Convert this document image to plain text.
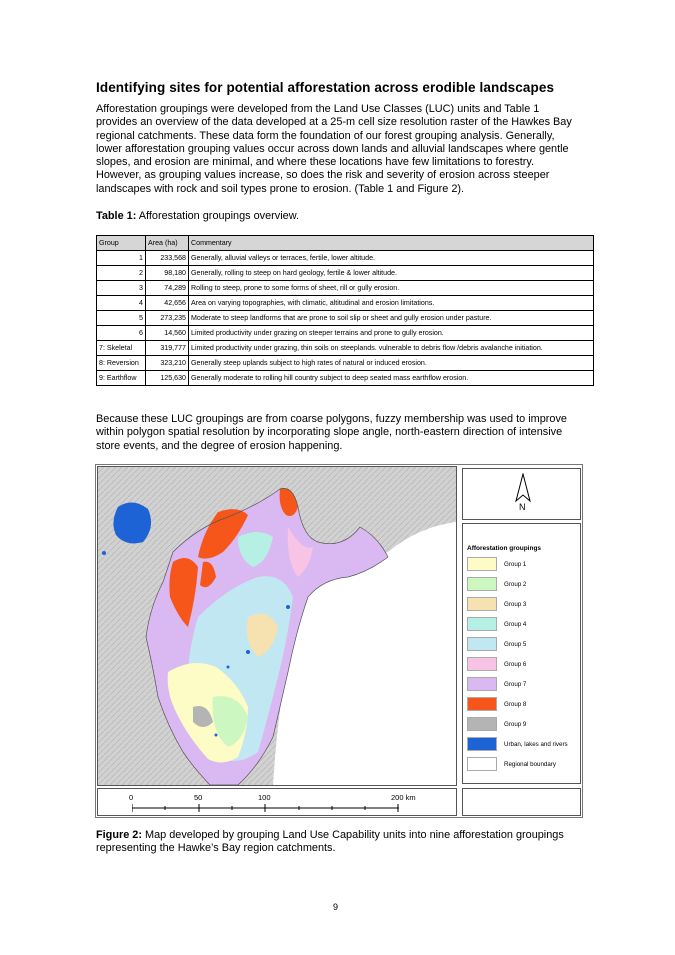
Identifying sites for potential afforestation across erodible landscapes
Afforestation groupings were developed from the Land Use Classes (LUC) units and Table 1
provides an overview of the data developed at a 25-m cell size resolution raster of the Hawkes Bay
regional catchments. These data form the foundation of our forest grouping analysis. Generally,
lower afforestation grouping values occur across down lands and alluvial landscapes where gentle
slopes, and erosion are minimal, and where these locations have few limitations to forestry.
However, as grouping values increase, so does the risk and severity of erosion across steeper
landscapes with rock and soil types prone to erosion. (Table 1 and Figure 2).
Table 1: Afforestation groupings overview.
Group	Area (ha)	Commentary
1	233,568	Generally, alluvial valleys or terraces, fertile, lower altitude.
2	98,180	Generally, rolling to steep on hard geology, fertile & lower altitude.
3	74,289	Rolling to steep, prone to some forms of sheet, rill or gully erosion.
4	42,656	Area on varying topographies, with climatic, altitudinal and erosion limitations.
5	273,235	Moderate to steep landforms that are prone to soil slip or sheet and gully erosion under pasture.
6	14,560	Limited productivity under grazing on steeper terrains and prone to gully erosion.
7: Skeletal	319,777	Limited productivity under grazing, thin soils on steeplands. vulnerable to debris flow /debris avalanche initiation.
8: Reversion	323,210	Generally steep uplands subject to high rates of natural or induced erosion.
9: Earthflow	125,630	Generally moderate to rolling hill country subject to deep seated mass earthflow erosion.
Because these LUC groupings are from coarse polygons, fuzzy membership was used to improve
within polygon spatial resolution by incorporating slope angle, north-eastern direction of intensive
store events, and the degree of erosion happening.
N
Afforestation groupings
Group 1
Group 2
Group 3
Group 4
Group 5
Group 6
Group 7
Group 8
Group 9
Urban, lakes and rivers
Regional boundary
0	50	100	200 km
Figure 2: Map developed by grouping Land Use Capability units into nine afforestation groupings
representing the Hawke’s Bay region catchments.
9
